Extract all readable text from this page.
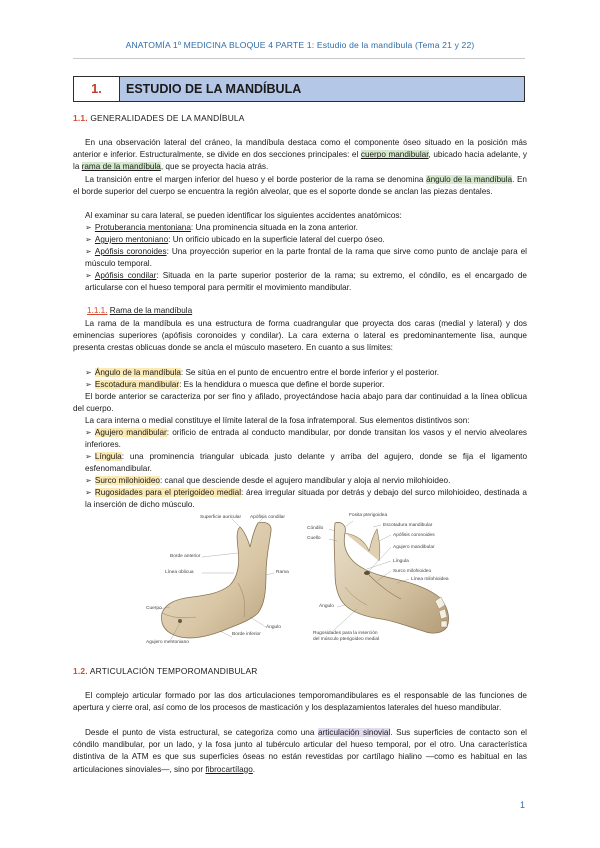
ANATOMÍA 1º MEDICINA BLOQUE 4 PARTE 1: Estudio de la mandíbula (Tema 21 y 22)
1.	ESTUDIO DE LA MANDÍBULA
1.1. GENERALIDADES DE LA MANDÍBULA

En una observación lateral del cráneo, la mandíbula destaca como el componente óseo situado en la posición más anterior e inferior. Estructuralmente, se divide en dos secciones principales: el cuerpo mandibular, ubicado hacia adelante, y la rama de la mandíbula, que se proyecta hacia atrás.

La transición entre el margen inferior del hueso y el borde posterior de la rama se denomina ángulo de la mandíbula. En el borde superior del cuerpo se encuentra la región alveolar, que es el soporte donde se anclan las piezas dentales.

Al examinar su cara lateral, se pueden identificar los siguientes accidentes anatómicos:

➢ Protuberancia mentoniana: Una prominencia situada en la zona anterior.

➢ Agujero mentoniano: Un orificio ubicado en la superficie lateral del cuerpo óseo.

➢ Apófisis coronoides: Una proyección superior en la parte frontal de la rama que sirve como punto de anclaje para el músculo temporal.

➢ Apófisis condilar: Situada en la parte superior posterior de la rama; su extremo, el cóndilo, es el encargado de articularse con el hueso temporal para permitir el movimiento mandibular.

1.1.1. Rama de la mandíbula

La rama de la mandíbula es una estructura de forma cuadrangular que proyecta dos caras (medial y lateral) y dos eminencias superiores (apófisis coronoides y condilar). La cara externa o lateral es predominantemente lisa, aunque presenta crestas oblicuas donde se ancla el músculo masetero. En cuanto a sus límites:

➢ Ángulo de la mandíbula: Se sitúa en el punto de encuentro entre el borde inferior y el posterior.

➢ Escotadura mandibular: Es la hendidura o muesca que define el borde superior.

El borde anterior se caracteriza por ser fino y afilado, proyectándose hacia abajo para dar continuidad a la línea oblicua del cuerpo.

La cara interna o medial constituye el límite lateral de la fosa infratemporal. Sus elementos distintivos son:

➢ Agujero mandibular: orificio de entrada al conducto mandibular, por donde transitan los vasos y el nervio alveolares inferiores.

➢ Língula: una prominencia triangular ubicada justo delante y arriba del agujero, donde se fija el ligamento esfenomandibular.

➢ Surco milohioideo: canal que desciende desde el agujero mandibular y aloja al nervio milohioideo.

➢ Rugosidades para el pterigoideo medial: área irregular situada por detrás y debajo del surco milohioideo, destinada a la inserción de dicho músculo.

Superficie auricular Apófisis condilar
Borde anterior
Línea oblicua	Rama
Cuerpo
Ángulo
Borde inferior
Agujero mentoniano
Fosita pterigoidea
Escotadura mandibular
Apófisis coronoides
Agujero mandibular
Língula
Surco milohioideo
Línea milohioidea
Cóndilo
Cuello
Ángulo
Rugosidades para la inserción del músculo pterigoideo medial
1.2. ARTICULACIÓN TEMPOROMANDIBULAR

El complejo articular formado por las dos articulaciones temporomandibulares es el responsable de las funciones de apertura y cierre oral, así como de los procesos de masticación y los desplazamientos laterales del hueso mandibular.

Desde el punto de vista estructural, se categoriza como una articulación sinovial. Sus superficies de contacto son el cóndilo mandibular, por un lado, y la fosa junto al tubérculo articular del hueso temporal, por el otro. Una característica distintiva de la ATM es que sus superficies óseas no están revestidas por cartílago hialino —como es habitual en las articulaciones sinoviales—, sino por fibrocartílago.

1
